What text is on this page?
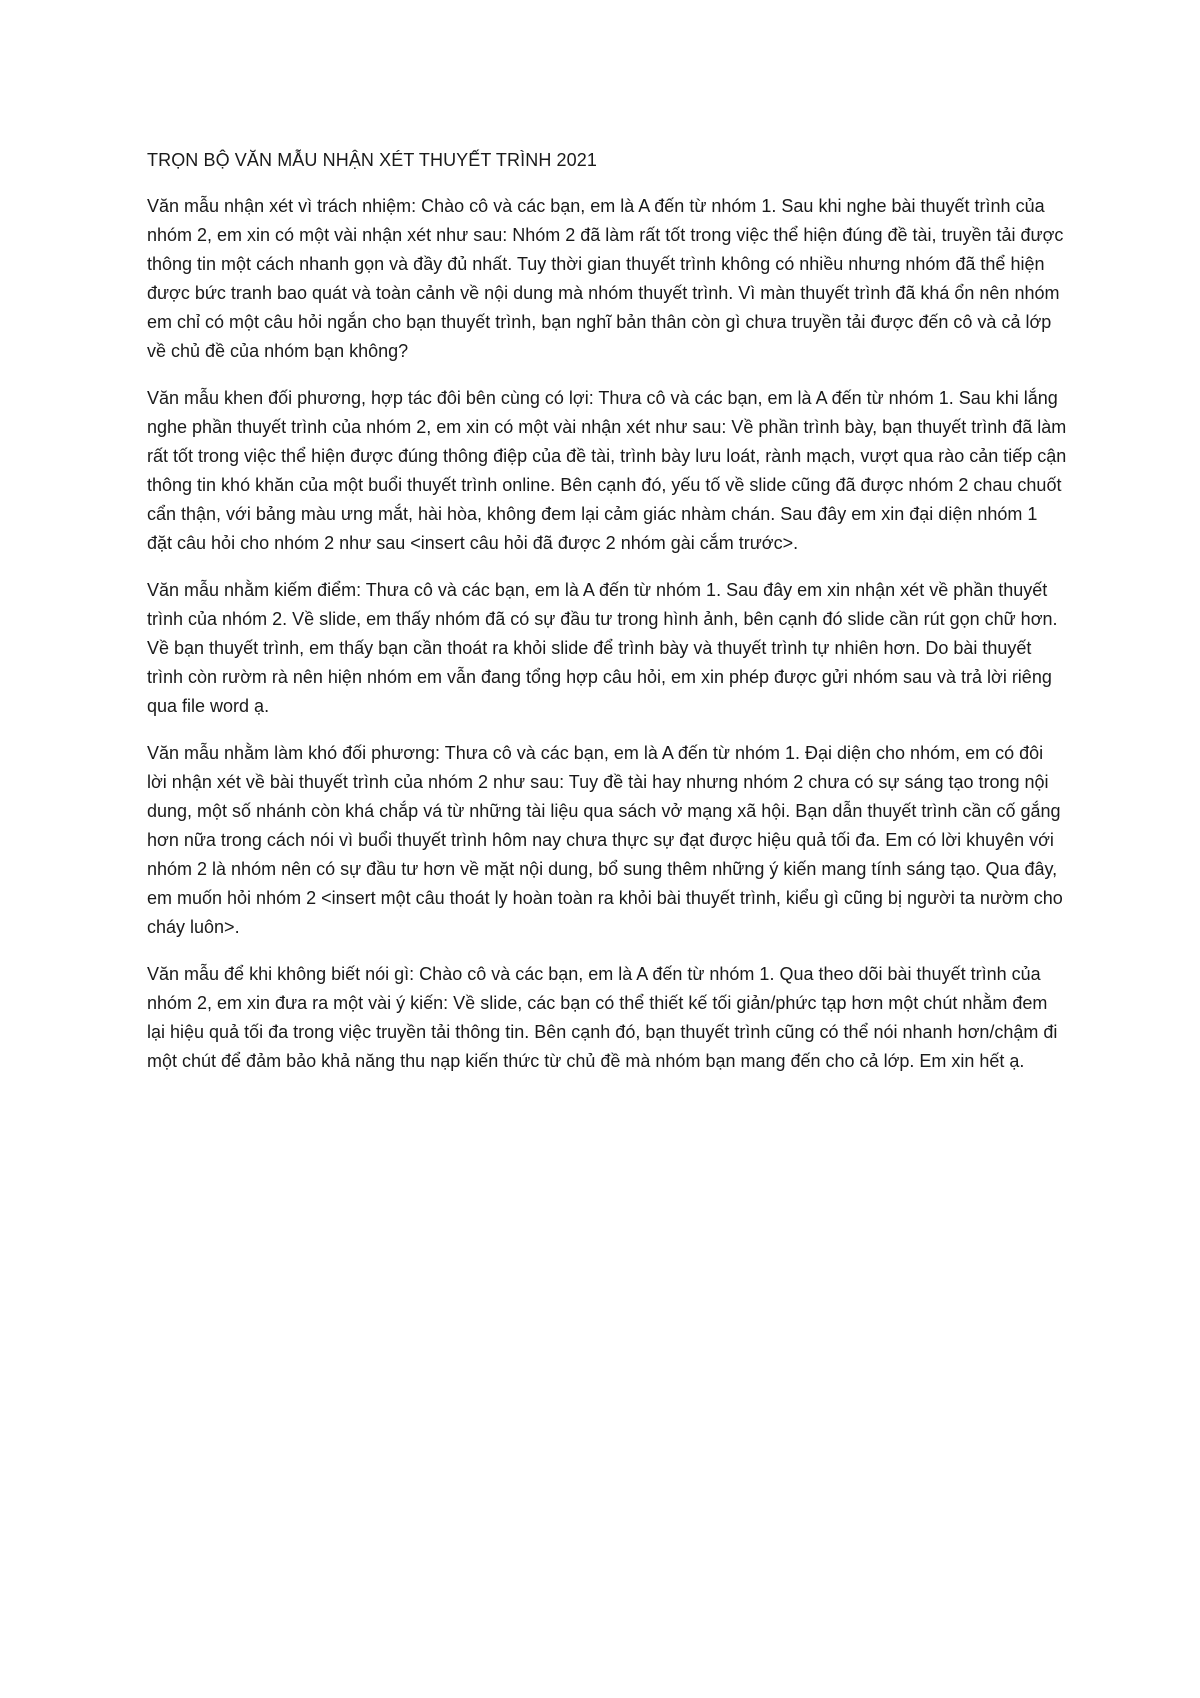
TRỌN BỘ VĂN MẪU NHẬN XÉT THUYẾT TRÌNH 2021

Văn mẫu nhận xét vì trách nhiệm: Chào cô và các bạn, em là A đến từ nhóm 1. Sau khi nghe bài thuyết trình của nhóm 2, em xin có một vài nhận xét như sau: Nhóm 2 đã làm rất tốt trong việc thể hiện đúng đề tài, truyền tải được thông tin một cách nhanh gọn và đầy đủ nhất. Tuy thời gian thuyết trình không có nhiều nhưng nhóm đã thể hiện được bức tranh bao quát và toàn cảnh về nội dung mà nhóm thuyết trình. Vì màn thuyết trình đã khá ổn nên nhóm em chỉ có một câu hỏi ngắn cho bạn thuyết trình, bạn nghĩ bản thân còn gì chưa truyền tải được đến cô và cả lớp về chủ đề của nhóm bạn không?

Văn mẫu khen đối phương, hợp tác đôi bên cùng có lợi: Thưa cô và các bạn, em là A đến từ nhóm 1. Sau khi lắng nghe phần thuyết trình của nhóm 2, em xin có một vài nhận xét như sau: Về phần trình bày, bạn thuyết trình đã làm rất tốt trong việc thể hiện được đúng thông điệp của đề tài, trình bày lưu loát, rành mạch, vượt qua rào cản tiếp cận thông tin khó khăn của một buổi thuyết trình online. Bên cạnh đó, yếu tố về slide cũng đã được nhóm 2 chau chuốt cẩn thận, với bảng màu ưng mắt, hài hòa, không đem lại cảm giác nhàm chán. Sau đây em xin đại diện nhóm 1 đặt câu hỏi cho nhóm 2 như sau <insert câu hỏi đã được 2 nhóm gài cắm trước>.

Văn mẫu nhằm kiếm điểm: Thưa cô và các bạn, em là A đến từ nhóm 1. Sau đây em xin nhận xét về phần thuyết trình của nhóm 2. Về slide, em thấy nhóm đã có sự đầu tư trong hình ảnh, bên cạnh đó slide cần rút gọn chữ hơn. Về bạn thuyết trình, em thấy bạn cần thoát ra khỏi slide để trình bày và thuyết trình tự nhiên hơn. Do bài thuyết trình còn rườm rà nên hiện nhóm em vẫn đang tổng hợp câu hỏi, em xin phép được gửi nhóm sau và trả lời riêng qua file word ạ.

Văn mẫu nhằm làm khó đối phương: Thưa cô và các bạn, em là A đến từ nhóm 1. Đại diện cho nhóm, em có đôi lời nhận xét về bài thuyết trình của nhóm 2 như sau: Tuy đề tài hay nhưng nhóm 2 chưa có sự sáng tạo trong nội dung, một số nhánh còn khá chắp vá từ những tài liệu qua sách vở mạng xã hội. Bạn dẫn thuyết trình cần cố gắng hơn nữa trong cách nói vì buổi thuyết trình hôm nay chưa thực sự đạt được hiệu quả tối đa. Em có lời khuyên với nhóm 2 là nhóm nên có sự đầu tư hơn về mặt nội dung, bổ sung thêm những ý kiến mang tính sáng tạo. Qua đây, em muốn hỏi nhóm 2 <insert một câu thoát ly hoàn toàn ra khỏi bài thuyết trình, kiểu gì cũng bị người ta nườm cho cháy luôn>.

Văn mẫu để khi không biết nói gì: Chào cô và các bạn, em là A đến từ nhóm 1. Qua theo dõi bài thuyết trình của nhóm 2, em xin đưa ra một vài ý kiến: Về slide, các bạn có thể thiết kế tối giản/phức tạp hơn một chút nhằm đem lại hiệu quả tối đa trong việc truyền tải thông tin. Bên cạnh đó, bạn thuyết trình cũng có thể nói nhanh hơn/chậm đi một chút để đảm bảo khả năng thu nạp kiến thức từ chủ đề mà nhóm bạn mang đến cho cả lớp. Em xin hết ạ.
